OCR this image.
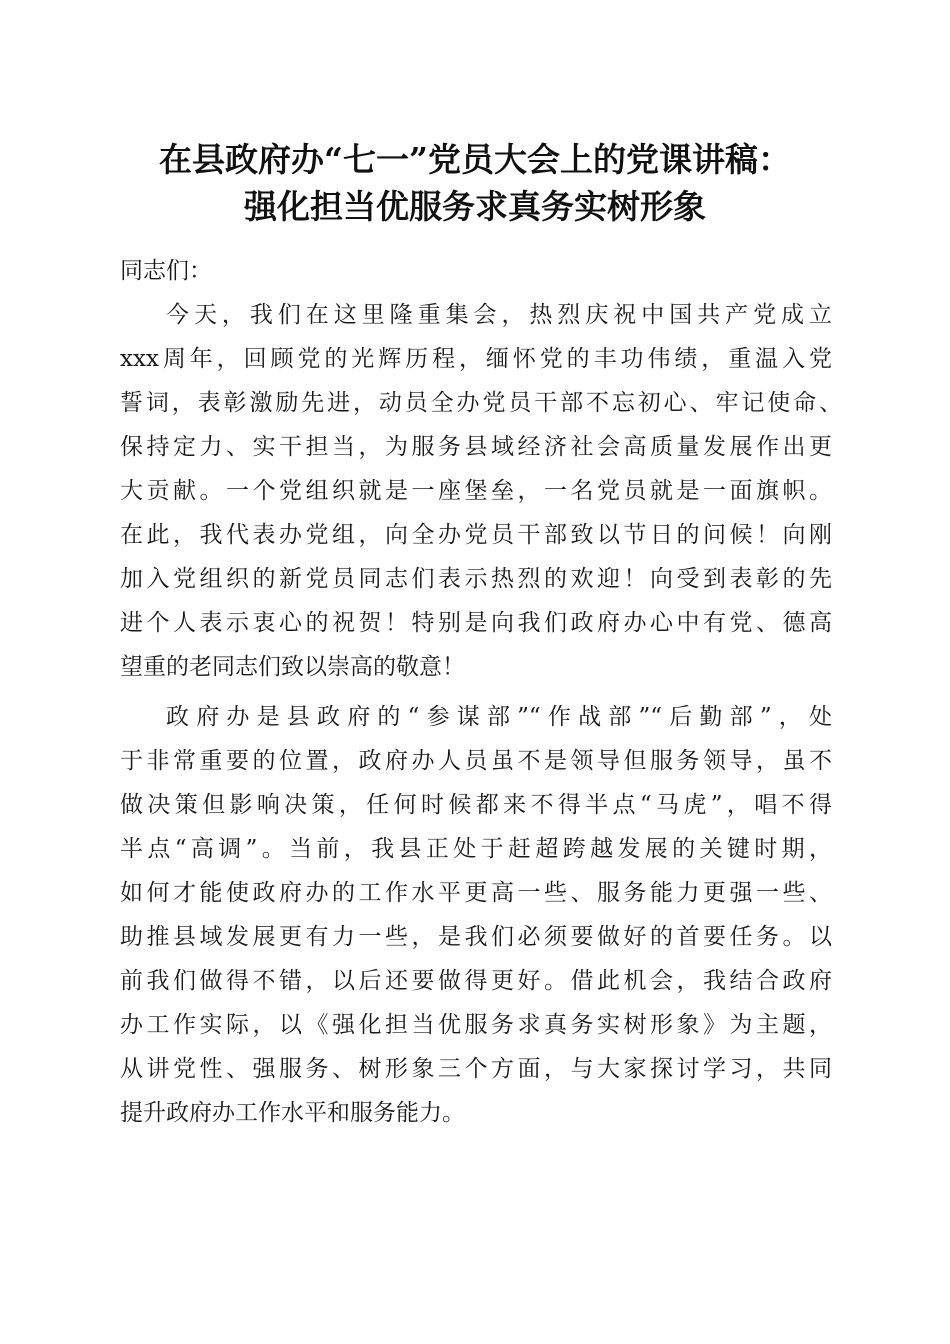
在县政府办“七一”党员大会上的党课讲稿：
强化担当优服务求真务实树形象
同志们：
今天，我们在这里隆重集会，热烈庆祝中国共产党成立
xxx周年，回顾党的光辉历程，缅怀党的丰功伟绩，重温入党
誓词，表彰激励先进，动员全办党员干部不忘初心、牢记使命、
保持定力、实干担当，为服务县域经济社会高质量发展作出更
大贡献。一个党组织就是一座堡垒，一名党员就是一面旗帜。
在此，我代表办党组，向全办党员干部致以节日的问候！向刚
加入党组织的新党员同志们表示热烈的欢迎！向受到表彰的先
进个人表示衷心的祝贺！特别是向我们政府办心中有党、德高
望重的老同志们致以崇高的敬意！
政府办是县政府的“参谋部”“作战部”“后勤部”，处
于非常重要的位置，政府办人员虽不是领导但服务领导，虽不
做决策但影响决策，任何时候都来不得半点“马虎”，唱不得
半点“高调”。当前，我县正处于赶超跨越发展的关键时期，
如何才能使政府办的工作水平更高一些、服务能力更强一些、
助推县域发展更有力一些，是我们必须要做好的首要任务。以
前我们做得不错，以后还要做得更好。借此机会，我结合政府
办工作实际，以《强化担当优服务求真务实树形象》为主题，
从讲党性、强服务、树形象三个方面，与大家探讨学习，共同
提升政府办工作水平和服务能力。
